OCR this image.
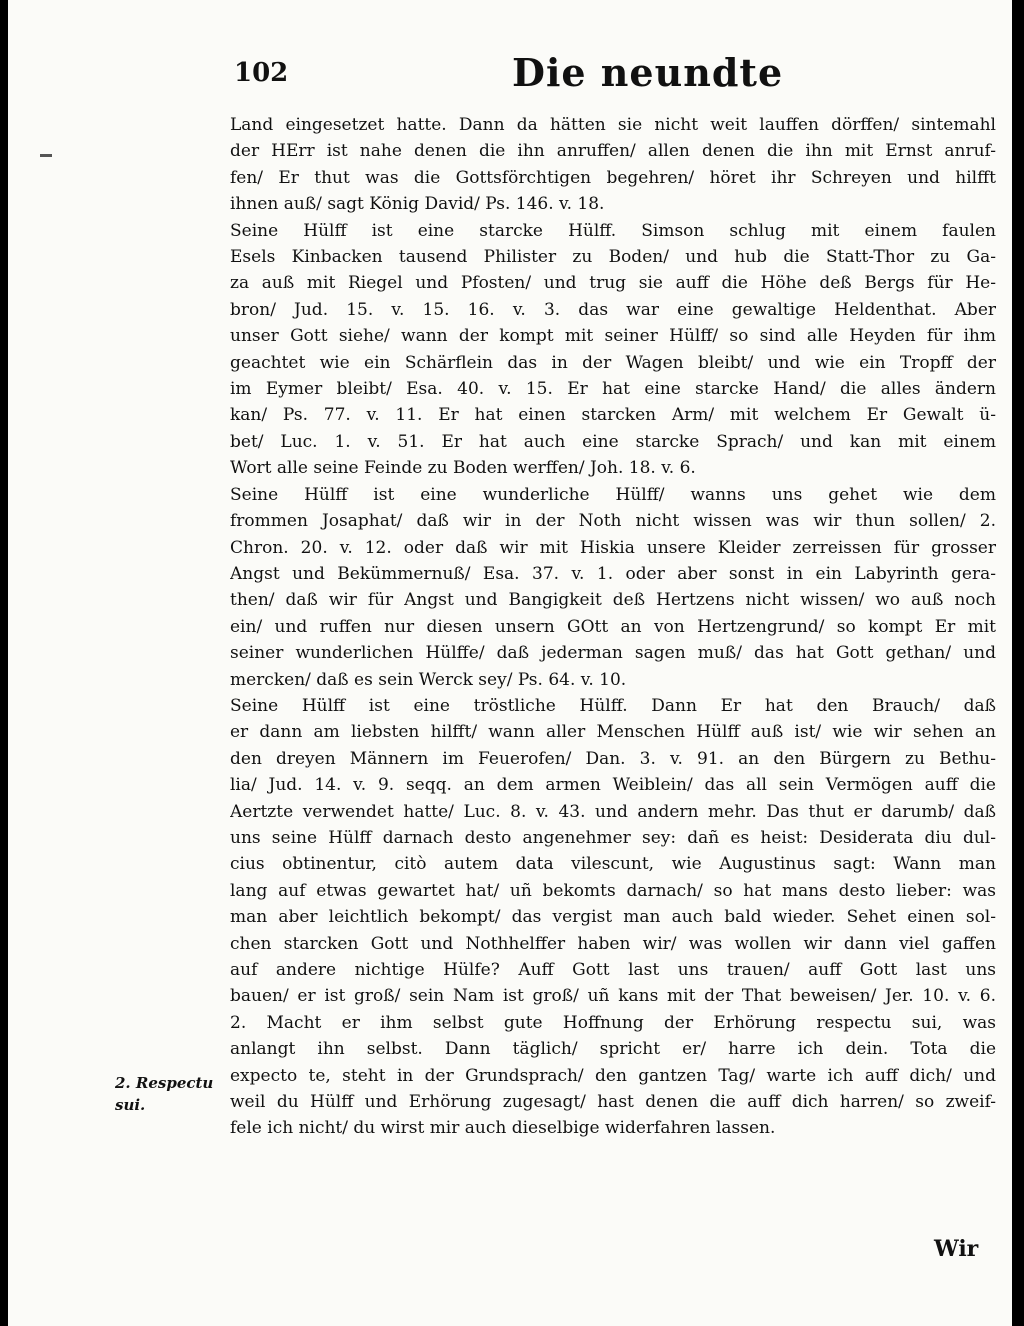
102	Die neundte
Land eingesetzet hatte. Dann da hätten sie nicht weit lauffen dörffen/ sintemahl
der HErr ist nahe denen die ihn anruffen/ allen denen die ihn mit Ernst anruf-
fen/ Er thut was die Gottsförchtigen begehren/ höret ihr Schreyen und hilfft
ihnen auß/ sagt König David/ Ps. 146. v. 18.
Seine Hülff ist eine starcke Hülff. Simson schlug mit einem faulen
Esels Kinbacken tausend Philister zu Boden/ und hub die Statt-Thor zu Ga-
za auß mit Riegel und Pfosten/ und trug sie auff die Höhe deß Bergs für He-
bron/ Jud. 15. v. 15. 16. v. 3. das war eine gewaltige Heldenthat. Aber
unser Gott siehe/ wann der kompt mit seiner Hülff/ so sind alle Heyden für ihm
geachtet wie ein Schärflein das in der Wagen bleibt/ und wie ein Tropff der
im Eymer bleibt/ Esa. 40. v. 15. Er hat eine starcke Hand/ die alles ändern
kan/ Ps. 77. v. 11. Er hat einen starcken Arm/ mit welchem Er Gewalt ü-
bet/ Luc. 1. v. 51. Er hat auch eine starcke Sprach/ und kan mit einem
Wort alle seine Feinde zu Boden werffen/ Joh. 18. v. 6.
Seine Hülff ist eine wunderliche Hülff/ wanns uns gehet wie dem
frommen Josaphat/ daß wir in der Noth nicht wissen was wir thun sollen/ 2.
Chron. 20. v. 12. oder daß wir mit Hiskia unsere Kleider zerreissen für grosser
Angst und Bekümmernuß/ Esa. 37. v. 1. oder aber sonst in ein Labyrinth gera-
then/ daß wir für Angst und Bangigkeit deß Hertzens nicht wissen/ wo auß noch
ein/ und ruffen nur diesen unsern GOtt an von Hertzengrund/ so kompt Er mit
seiner wunderlichen Hülffe/ daß jederman sagen muß/ das hat Gott gethan/ und
mercken/ daß es sein Werck sey/ Ps. 64. v. 10.
Seine Hülff ist eine tröstliche Hülff. Dann Er hat den Brauch/ daß
er dann am liebsten hilfft/ wann aller Menschen Hülff auß ist/ wie wir sehen an
den dreyen Männern im Feuerofen/ Dan. 3. v. 91. an den Bürgern zu Bethu-
lia/ Jud. 14. v. 9. seqq. an dem armen Weiblein/ das all sein Vermögen auff die
Aertzte verwendet hatte/ Luc. 8. v. 43. und andern mehr. Das thut er darumb/ daß
uns seine Hülff darnach desto angenehmer sey: dañ es heist: Desiderata diu dul-
cius obtinentur, citò autem data vilescunt, wie Augustinus sagt: Wann man
lang auf etwas gewartet hat/ uñ bekomts darnach/ so hat mans desto lieber: was
man aber leichtlich bekompt/ das vergist man auch bald wieder. Sehet einen sol-
chen starcken Gott und Nothhelffer haben wir/ was wollen wir dann viel gaffen
auf andere nichtige Hülfe? Auff Gott last uns trauen/ auff Gott last uns
bauen/ er ist groß/ sein Nam ist groß/ uñ kans mit der That beweisen/ Jer. 10. v. 6.
2. Macht er ihm selbst gute Hoffnung der Erhörung respectu sui, was
anlangt ihn selbst. Dann täglich/ spricht er/ harre ich dein. Tota die
expecto te, steht in der Grundsprach/ den gantzen Tag/ warte ich auff dich/ und
weil du Hülff und Erhörung zugesagt/ hast denen die auff dich harren/ so zweif-
fele ich nicht/ du wirst mir auch dieselbige widerfahren lassen.
2. Respectu
sui.
Wir
